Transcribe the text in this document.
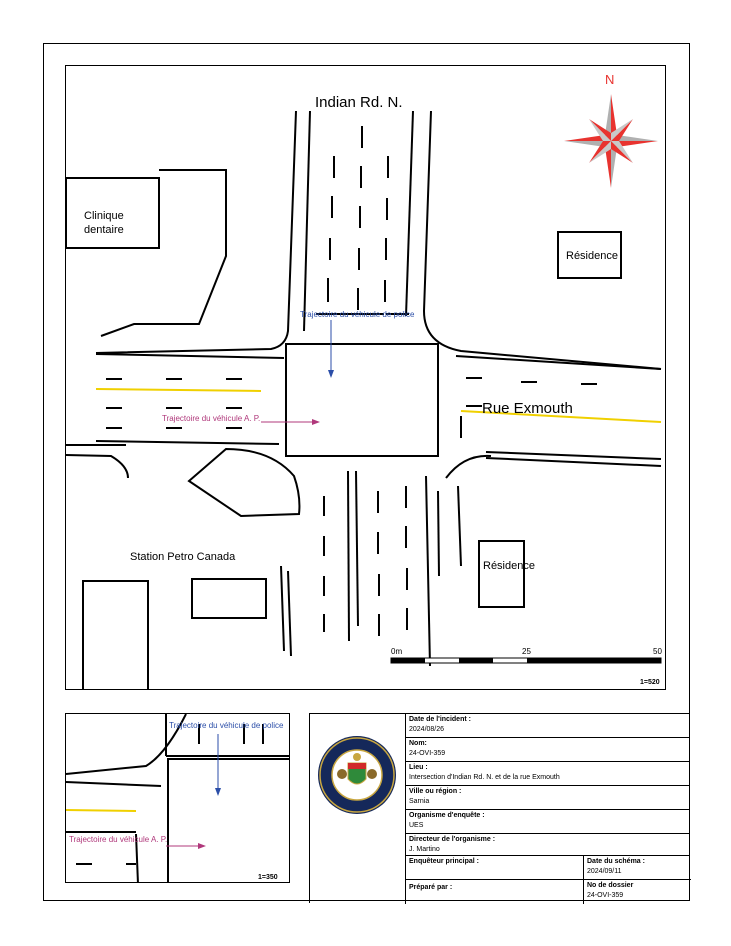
Indian Rd. N.
Rue Exmouth
Clinique
dentaire
Résidence
Résidence
Station Petro Canada
Trajectoire du véhicule de police
Trajectoire du véhicule A. P.
N
0m	25	50
1=520
Trajectoire du véhicule de police
Trajectoire du véhicule A. P.
1=350
Date de l'incident :
2024/08/26
Nom:
24-OVI-359
Lieu :
Intersection d'Indian Rd. N. et de la rue Exmouth
Ville ou région :
Sarnia
Organisme d'enquête :
UES
Directeur de l'organisme :
J. Martino
Enquêteur principal :	Date du schéma :
2024/09/11
Préparé par :	No de dossier
24-OVI-359
